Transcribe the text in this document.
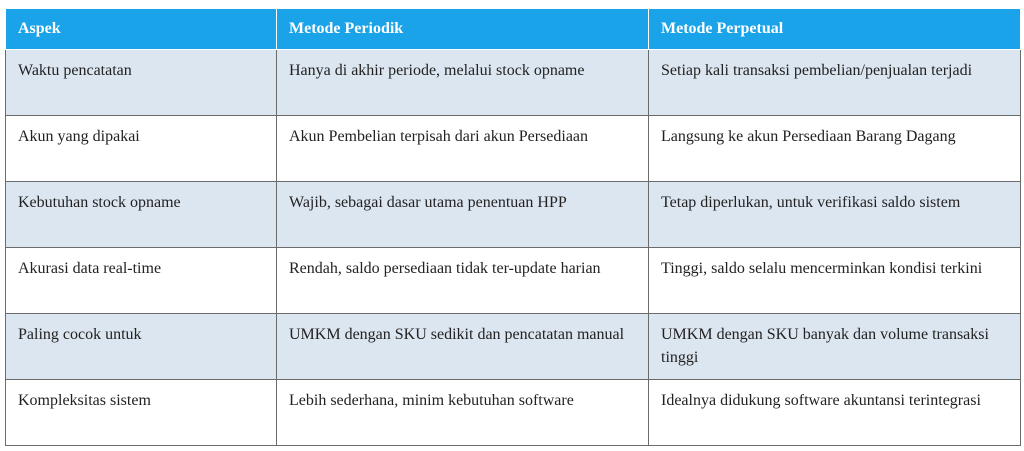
Aspek	Metode Periodik	Metode Perpetual
Waktu pencatatan	Hanya di akhir periode, melalui stock opname	Setiap kali transaksi pembelian/penjualan terjadi
Akun yang dipakai	Akun Pembelian terpisah dari akun Persediaan	Langsung ke akun Persediaan Barang Dagang
Kebutuhan stock opname	Wajib, sebagai dasar utama penentuan HPP	Tetap diperlukan, untuk verifikasi saldo sistem
Akurasi data real-time	Rendah, saldo persediaan tidak ter-update harian	Tinggi, saldo selalu mencerminkan kondisi terkini
Paling cocok untuk	UMKM dengan SKU sedikit dan pencatatan manual	UMKM dengan SKU banyak dan volume transaksi tinggi
Kompleksitas sistem	Lebih sederhana, minim kebutuhan software	Idealnya didukung software akuntansi terintegrasi
